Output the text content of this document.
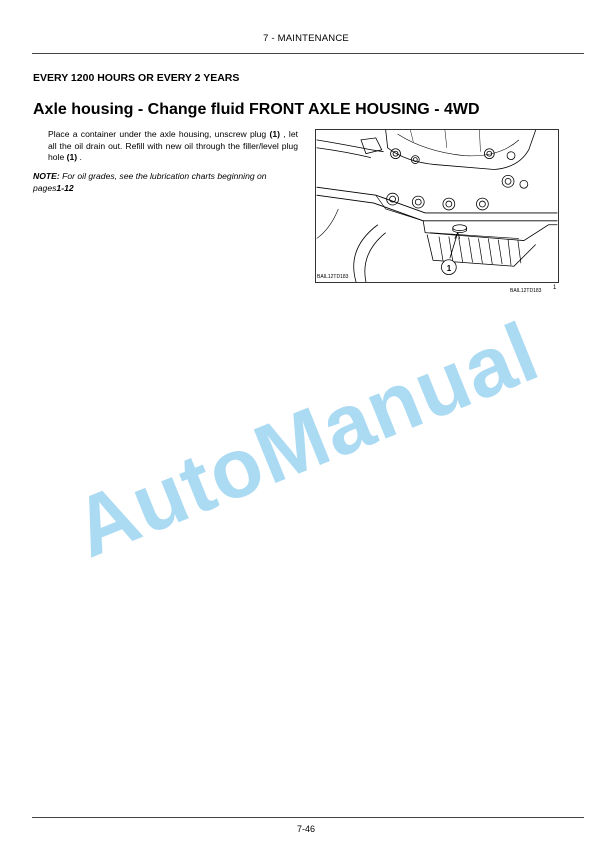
7 - MAINTENANCE
EVERY 1200 HOURS OR EVERY 2 YEARS
Axle housing - Change fluid FRONT AXLE HOUSING - 4WD

Place a container under the axle housing, unscrew plug (1) , let all the oil drain out. Refill with new oil through the filler/level plug hole (1) .

NOTE: For oil grades, see the lubrication charts beginning on pages1-12

1
BAIL12TD183
BAIL12TD183 1
AutoManual
7-46
